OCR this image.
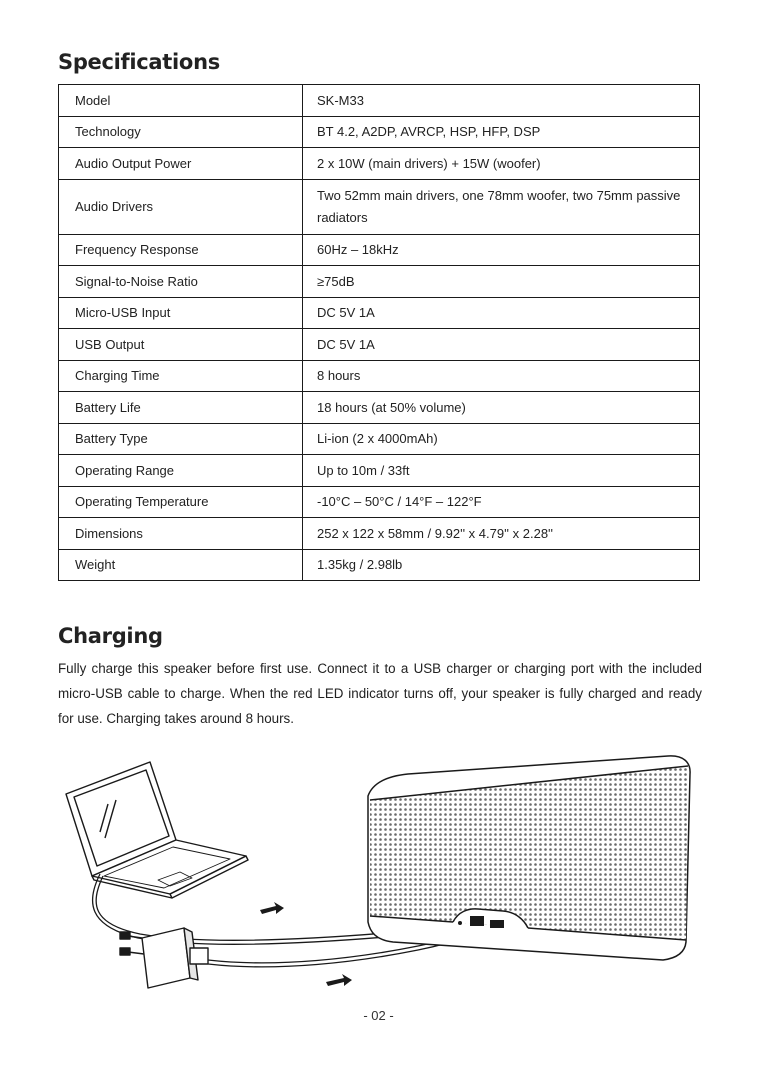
Specifications
Model	SK-M33
Technology	BT 4.2, A2DP, AVRCP, HSP, HFP, DSP
Audio Output Power	2 x 10W (main drivers) + 15W (woofer)
Audio Drivers	Two 52mm main drivers, one 78mm woofer, two 75mm passive radiators
Frequency Response	60Hz – 18kHz
Signal-to-Noise Ratio	≥75dB
Micro-USB Input	DC 5V 1A
USB Output	DC 5V 1A
Charging Time	8 hours
Battery Life	18 hours (at 50% volume)
Battery Type	Li-ion (2 x 4000mAh)
Operating Range	Up to 10m / 33ft
Operating Temperature	-10°C – 50°C / 14°F – 122°F
Dimensions	252 x 122 x 58mm / 9.92'' x 4.79'' x 2.28''
Weight	1.35kg / 2.98lb
Charging

Fully charge this speaker before first use. Connect it to a USB charger or charging port with the included micro-USB cable to charge. When the red LED indicator turns off, your speaker is fully charged and ready for use. Charging takes around 8 hours.

- 02 -
